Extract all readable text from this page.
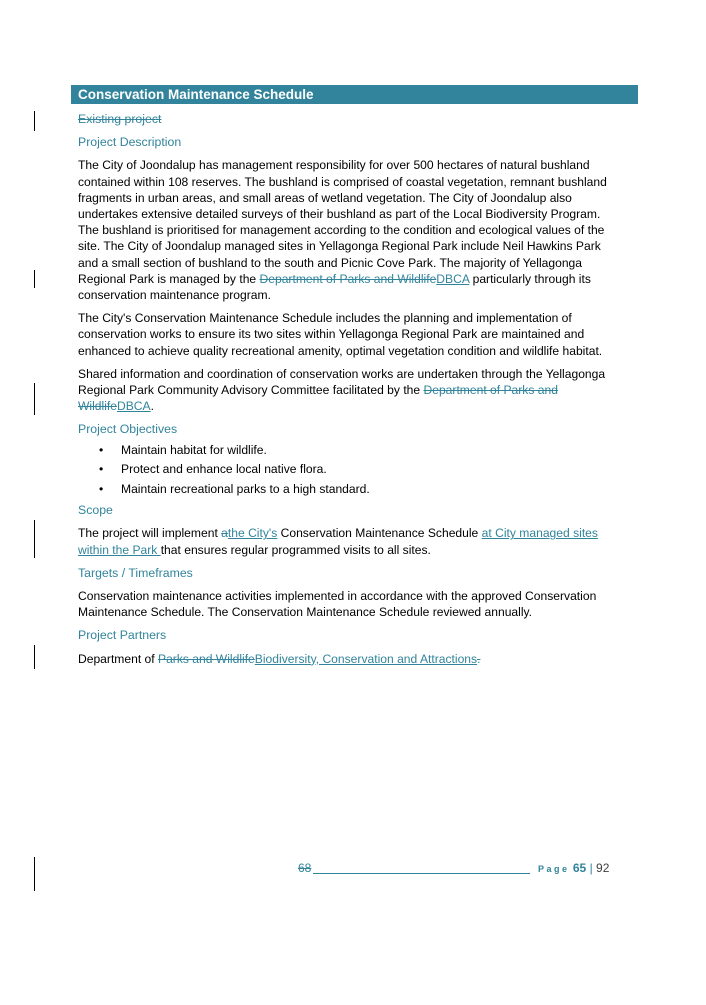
Conservation Maintenance Schedule

Existing project

Project Description

The City of Joondalup has management responsibility for over 500 hectares of natural bushland contained within 108 reserves. The bushland is comprised of coastal vegetation, remnant bushland fragments in urban areas, and small areas of wetland vegetation. The City of Joondalup also undertakes extensive detailed surveys of their bushland as part of the Local Biodiversity Program. The bushland is prioritised for management according to the condition and ecological values of the site. The City of Joondalup managed sites in Yellagonga Regional Park include Neil Hawkins Park and a small section of bushland to the south and Picnic Cove Park. The majority of Yellagonga Regional Park is managed by the Department of Parks and WildlifeDBCA particularly through its conservation maintenance program.

The City's Conservation Maintenance Schedule includes the planning and implementation of conservation works to ensure its two sites within Yellagonga Regional Park are maintained and enhanced to achieve quality recreational amenity, optimal vegetation condition and wildlife habitat.

Shared information and coordination of conservation works are undertaken through the Yellagonga Regional Park Community Advisory Committee facilitated by the Department of Parks and WildlifeDBCA.

Project Objectives

• Maintain habitat for wildlife.
• Protect and enhance local native flora.
• Maintain recreational parks to a high standard.

Scope

The project will implement athe City's Conservation Maintenance Schedule at City managed sites within the Park that ensures regular programmed visits to all sites.

Targets / Timeframes

Conservation maintenance activities implemented in accordance with the approved Conservation Maintenance Schedule. The Conservation Maintenance Schedule reviewed annually.

Project Partners

Department of Parks and WildlifeBiodiversity, Conservation and Attractions.

68	Page 65 | 92
